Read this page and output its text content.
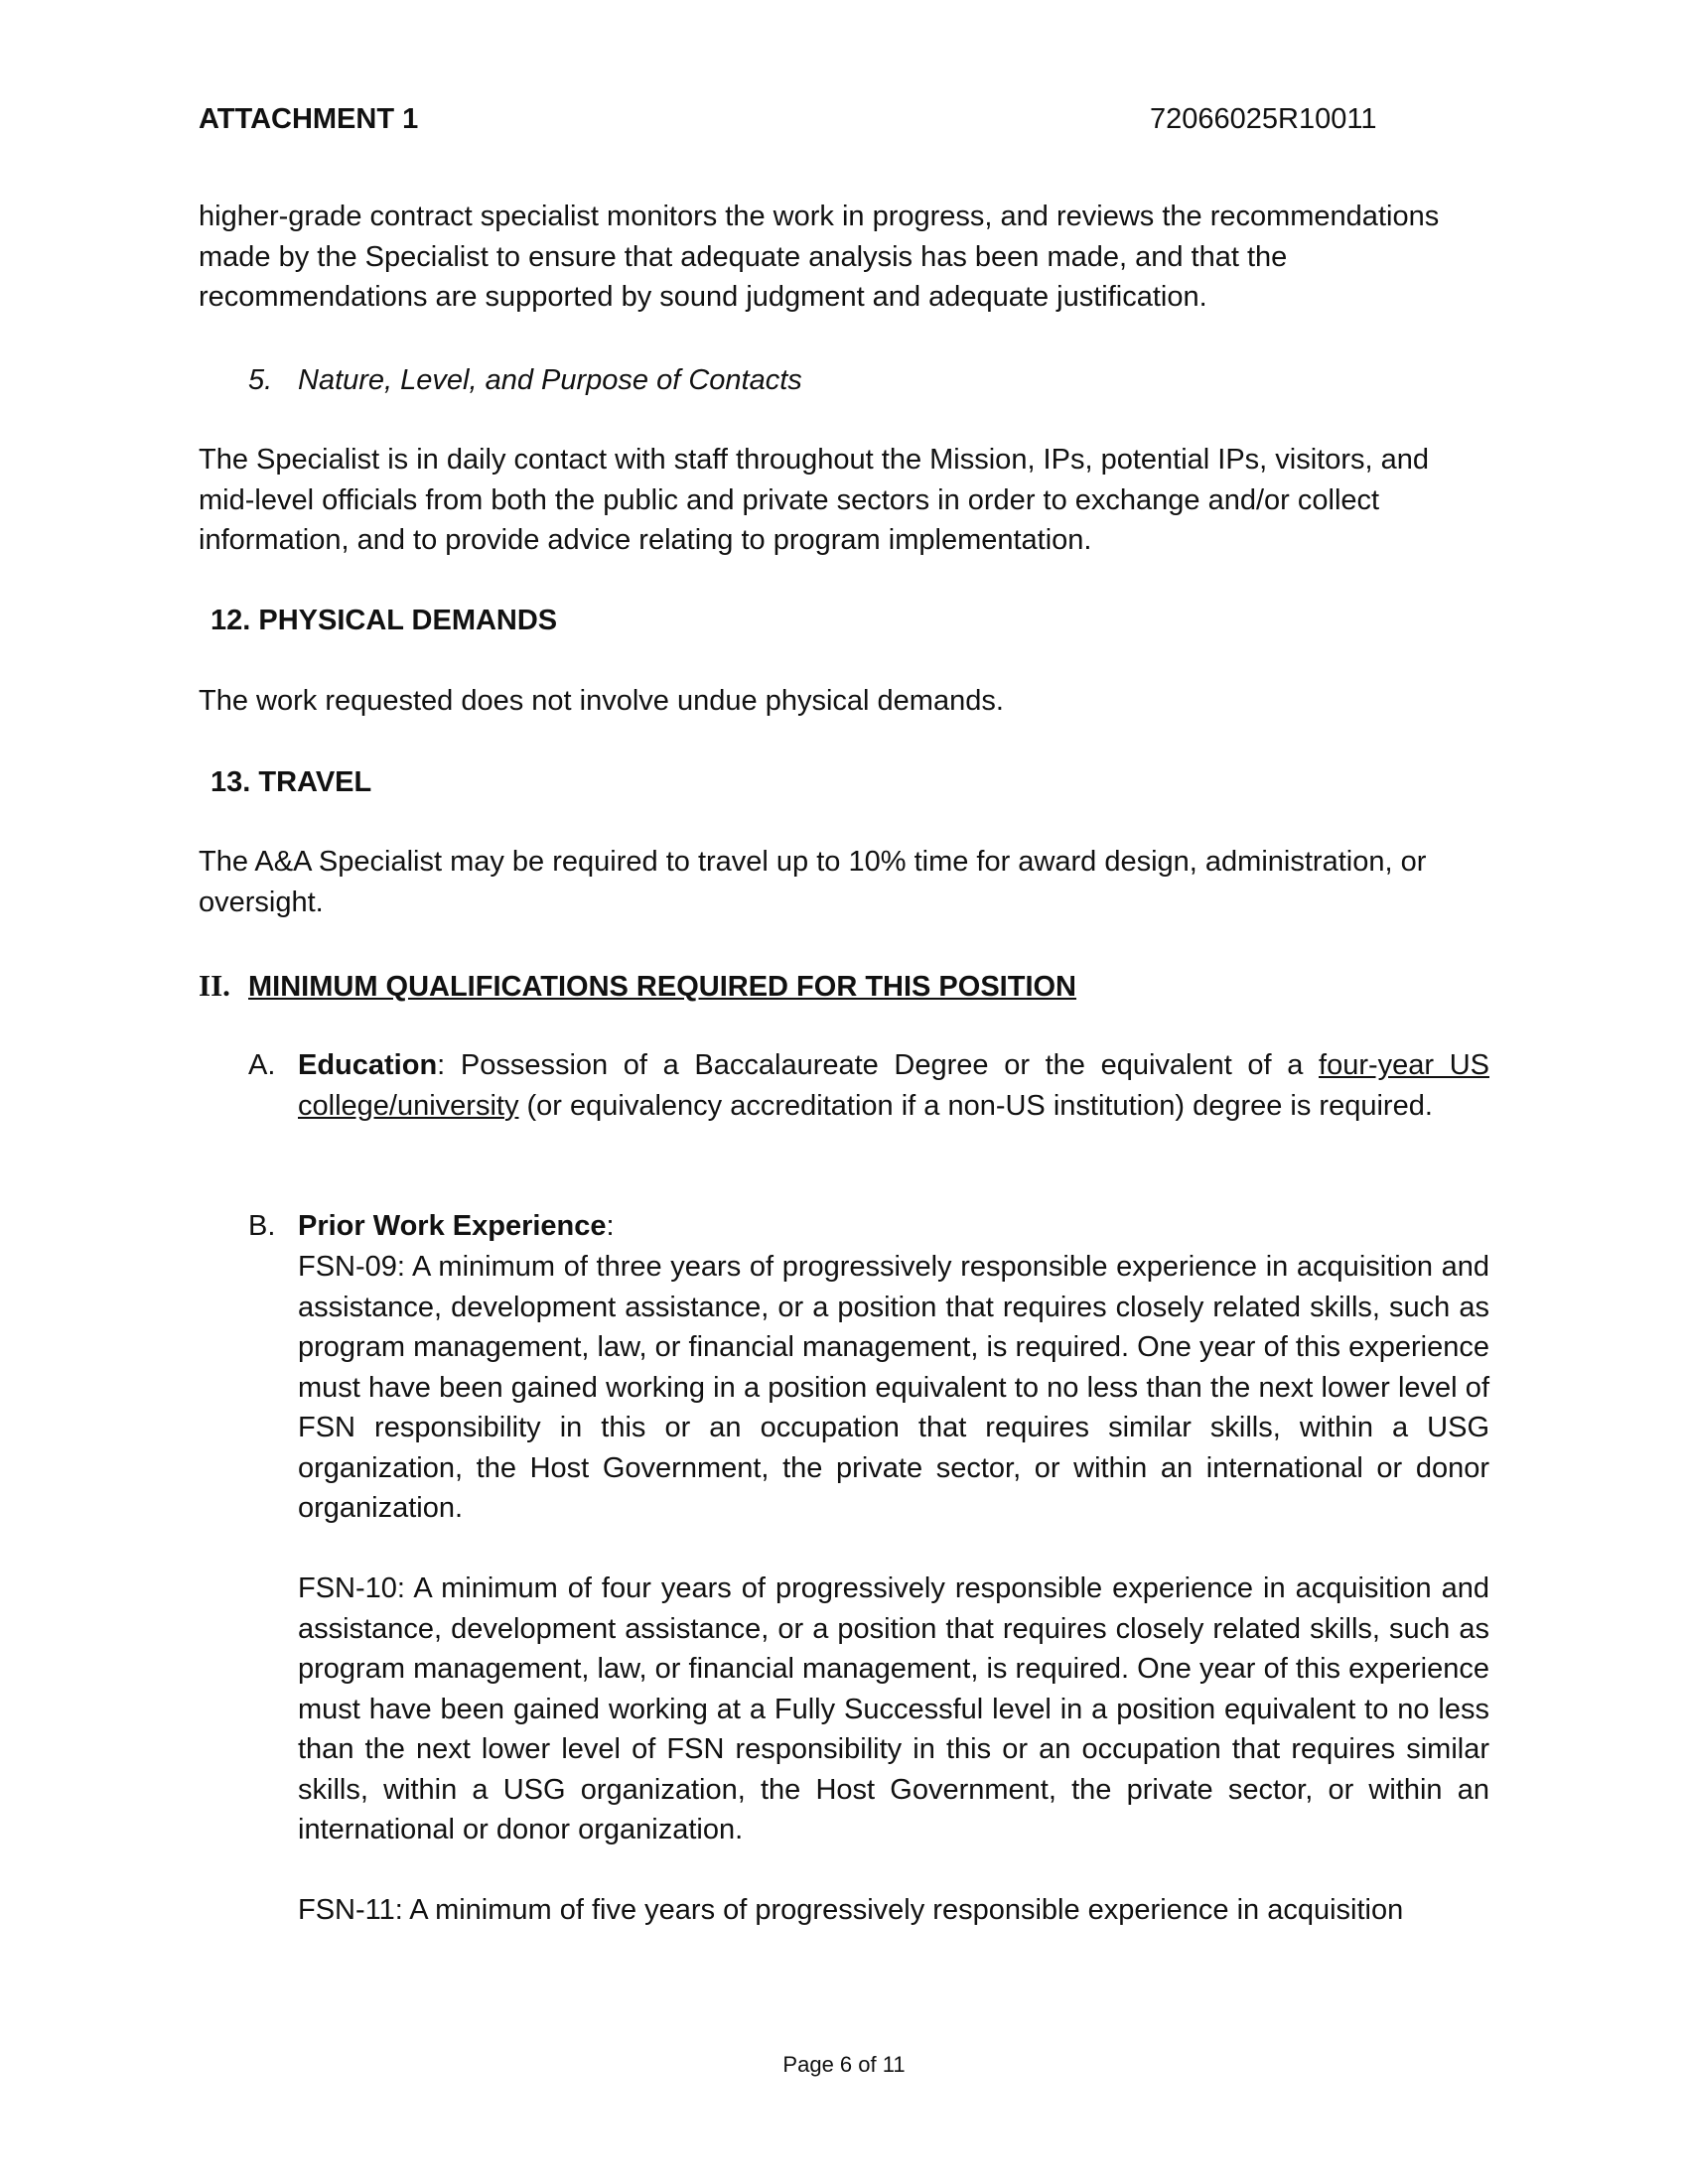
ATTACHMENT 1	72066025R10011

higher-grade contract specialist monitors the work in progress, and reviews the recommendations made by the Specialist to ensure that adequate analysis has been made, and that the recommendations are supported by sound judgment and adequate justification.

5. Nature, Level, and Purpose of Contacts

The Specialist is in daily contact with staff throughout the Mission, IPs, potential IPs, visitors, and mid-level officials from both the public and private sectors in order to exchange and/or collect information, and to provide advice relating to program implementation.

12. PHYSICAL DEMANDS

The work requested does not involve undue physical demands.

13. TRAVEL

The A&A Specialist may be required to travel up to 10% time for award design, administration, or oversight.

II. MINIMUM QUALIFICATIONS REQUIRED FOR THIS POSITION
A. Education: Possession of a Baccalaureate Degree or the equivalent of a four-year US college/university (or equivalency accreditation if a non-US institution) degree is required.
B. Prior Work Experience:

FSN-09: A minimum of three years of progressively responsible experience in acquisition and assistance, development assistance, or a position that requires closely related skills, such as program management, law, or financial management, is required. One year of this experience must have been gained working in a position equivalent to no less than the next lower level of FSN responsibility in this or an occupation that requires similar skills, within a USG organization, the Host Government, the private sector, or within an international or donor organization.

FSN-10: A minimum of four years of progressively responsible experience in acquisition and assistance, development assistance, or a position that requires closely related skills, such as program management, law, or financial management, is required. One year of this experience must have been gained working at a Fully Successful level in a position equivalent to no less than the next lower level of FSN responsibility in this or an occupation that requires similar skills, within a USG organization, the Host Government, the private sector, or within an international or donor organization.

FSN-11: A minimum of five years of progressively responsible experience in acquisition

Page 6 of 11
